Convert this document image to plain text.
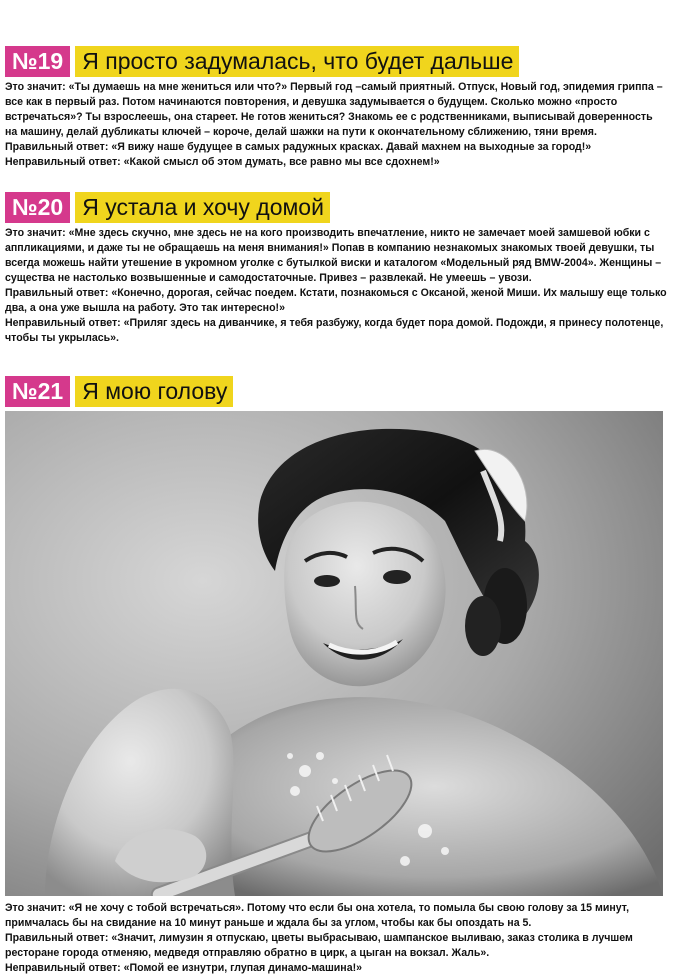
№19 Я просто задумалась, что будет дальше

Это значит: «Ты думаешь на мне жениться или что?» Первый год –самый приятный. Отпуск, Новый год, эпидемия гриппа – все как в первый раз. Потом начинаются повторения, и девушка задумывается о будущем. Сколько можно «просто встречаться»? Ты взрослеешь, она стареет. Не готов жениться? Знакомь ее с родственниками, выписывай доверенность на машину, делай дубликаты ключей – короче, делай шажки на пути к окончательному сближению, тяни время.

Правильный ответ: «Я вижу наше будущее в самых радужных красках. Давай махнем на выходные за город!»

Неправильный ответ: «Какой смысл об этом думать, все равно мы все сдохнем!»

№20 Я устала и хочу домой

Это значит: «Мне здесь скучно, мне здесь не на кого производить впечатление, никто не замечает моей замшевой юбки с аппликациями, и даже ты не обращаешь на меня внимания!» Попав в компанию незнакомых знакомых твоей девушки, ты всегда можешь найти утешение в укромном уголке с бутылкой виски и каталогом «Модельный ряд BMW-2004». Женщины – существа не настолько возвышенные и самодостаточные. Привез – развлекай. Не умеешь – увози.

Правильный ответ: «Конечно, дорогая, сейчас поедем. Кстати, познакомься с Оксаной, женой Миши. Их малышу еще только два, а она уже вышла на работу. Это так интересно!»

Неправильный ответ: «Приляг здесь на диванчике, я тебя разбужу, когда будет пора домой. Подожди, я принесу полотенце, чтобы ты укрылась».

№21 Я мою голову

Это значит: «Я не хочу с тобой встречаться». Потому что если бы она хотела, то помыла бы свою голову за 15 минут, примчалась бы на свидание на 10 минут раньше и ждала бы за углом, чтобы как бы опоздать на 5.

Правильный ответ: «Значит, лимузин я отпускаю, цветы выбрасываю, шампанское выливаю, заказ столика в лучшем ресторане города отменяю, медведя отправляю обратно в цирк, а цыган на вокзал. Жаль».

Неправильный ответ: «Помой ее изнутри, глупая динамо-машина!»
